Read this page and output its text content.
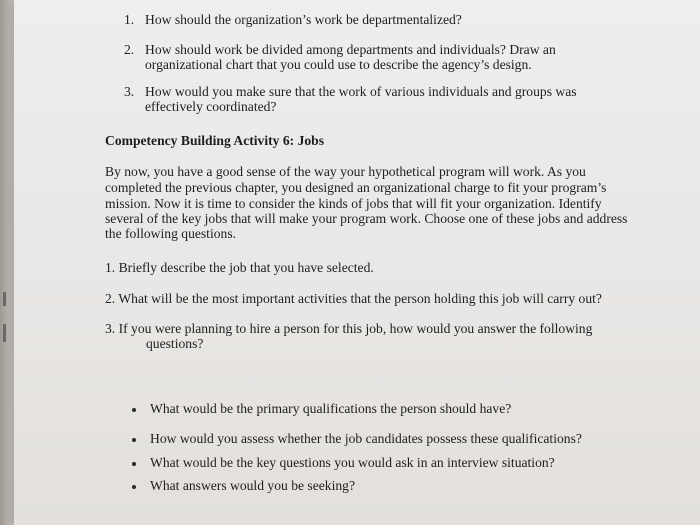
1. How should the organization’s work be departmentalized?
2. How should work be divided among departments and individuals? Draw an
organizational chart that you could use to describe the agency’s design.
3. How would you make sure that the work of various individuals and groups was
effectively coordinated?
Competency Building Activity 6: Jobs
By now, you have a good sense of the way your hypothetical program will work. As you
completed the previous chapter, you designed an organizational charge to fit your program’s
mission. Now it is time to consider the kinds of jobs that will fit your organization. Identify
several of the key jobs that will make your program work. Choose one of these jobs and address
the following questions.
1. Briefly describe the job that you have selected.
2. What will be the most important activities that the person holding this job will carry out?
3. If you were planning to hire a person for this job, how would you answer the following
questions?
What would be the primary qualifications the person should have?
How would you assess whether the job candidates possess these qualifications?
What would be the key questions you would ask in an interview situation?
What answers would you be seeking?
